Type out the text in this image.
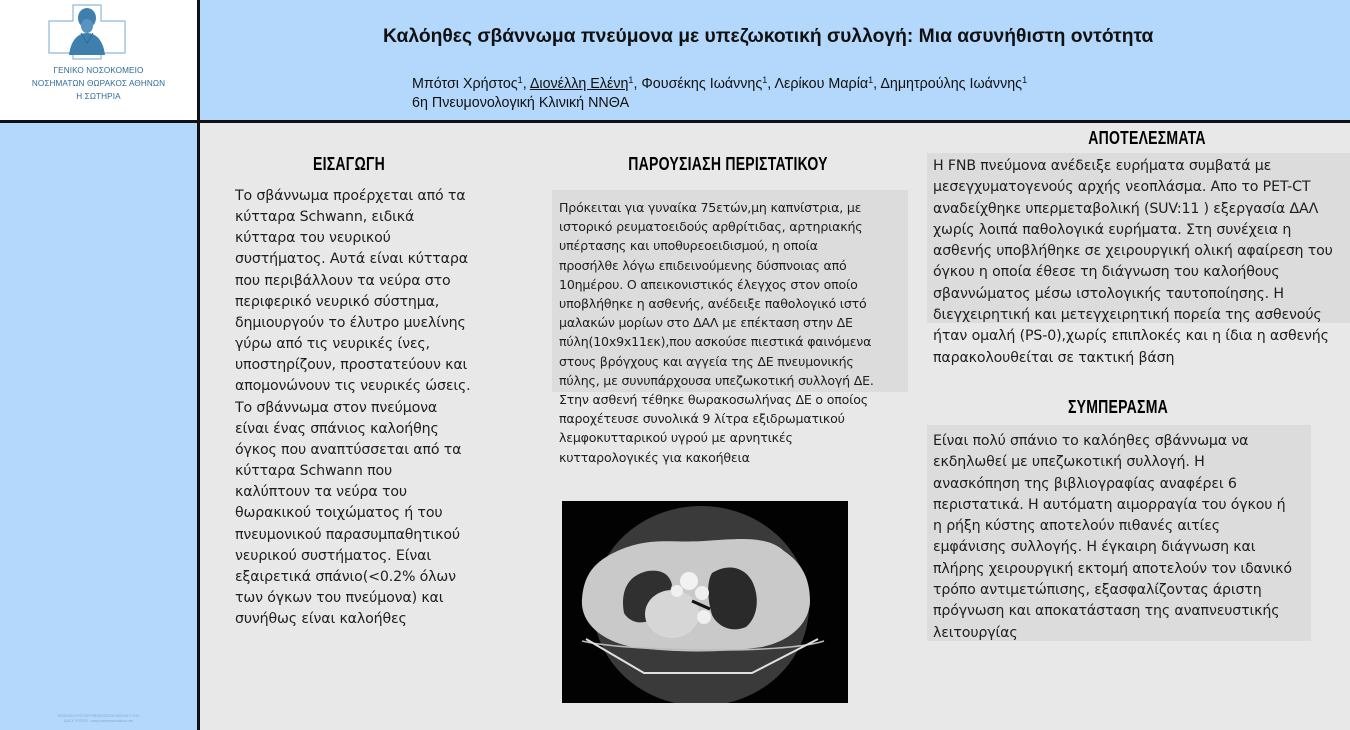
ΓΕΝΙΚΟ ΝΟΣΟΚΟΜΕΙΟ
ΝΟΣΗΜΑΤΩΝ ΘΩΡΑΚΟΣ ΑΘΗΝΩΝ
Η ΣΩΤΗΡΙΑ
Καλόηθες σβάννωμα πνεύμονα με υπεζωκοτική συλλογή: Μια ασυνήθιστη οντότητα
Μπότσι Χρήστος$^1$, Διονέλλη Ελένη$^1$, Φουσέκης Ιωάννης$^1$, Λερίκου Μαρία$^1$, Δημητρούλης Ιωάννης$^1$
6η Πνευμονολογική Κλινική ΝΝΘΑ
RESEARCH POSTER PRESENTATION DESIGN © 2019
QUICK POSTER · www.posterpresentations.com
ΕΙΣΑΓΩΓΗ
Το σβάννωμα προέρχεται από τα
κύτταρα Schwann, ειδικά
κύτταρα του νευρικού
συστήματος. Αυτά είναι κύτταρα
που περιβάλλουν τα νεύρα στο
περιφερικό νευρικό σύστημα,
δημιουργούν το έλυτρο μυελίνης
γύρω από τις νευρικές ίνες,
υποστηρίζουν, προστατεύουν και
απομονώνουν τις νευρικές ώσεις.
Το σβάννωμα στον πνεύμονα
είναι ένας σπάνιος καλοήθης
όγκος που αναπτύσσεται από τα
κύτταρα Schwann που
καλύπτουν τα νεύρα του
θωρακικού τοιχώματος ή του
πνευμονικού παρασυμπαθητικού
νευρικού συστήματος. Είναι
εξαιρετικά σπάνιο(<0.2% όλων
των όγκων του πνεύμονα) και
συνήθως είναι καλοήθες
ΠΑΡΟΥΣΙΑΣΗ ΠΕΡΙΣΤΑΤΙΚΟΥ
Πρόκειται για γυναίκα 75ετών,μη καπνίστρια, με
ιστορικό ρευματοειδούς αρθρίτιδας, αρτηριακής
υπέρτασης και υποθυρεοειδισμού, η οποία
προσήλθε λόγω επιδεινούμενης δύσπνοιας από
10ημέρου. Ο απεικονιστικός έλεγχος στον οποίο
υποβλήθηκε η ασθενής, ανέδειξε παθολογικό ιστό
μαλακών μορίων στο ΔΑΛ με επέκταση στην ΔΕ
πύλη(10x9x11εκ),που ασκούσε πιεστικά φαινόμενα
στους βρόγχους και αγγεία της ΔΕ πνευμονικής
πύλης, με συνυπάρχουσα υπεζωκοτική συλλογή ΔΕ.
Στην ασθενή τέθηκε θωρακοσωλήνας ΔΕ ο οποίος
παροχέτευσε συνολικά 9 λίτρα εξιδρωματικού
λεμφοκυτταρικού υγρού με αρνητικές
κυτταρολογικές για κακοήθεια
ΑΠΟΤΕΛΕΣΜΑΤΑ
Η FNB πνεύμονα ανέδειξε ευρήματα συμβατά με
μεσεγχυματογενούς αρχής νεοπλάσμα. Απο το PET-CT
αναδείχθηκε υπερμεταβολική (SUV:11 ) εξεργασία ΔΑΛ
χωρίς λοιπά παθολογικά ευρήματα. Στη συνέχεια η
ασθενής υποβλήθηκε σε χειρουργική ολική αφαίρεση του
όγκου η οποία έθεσε τη διάγνωση του καλοήθους
σβαννώματος μέσω ιστολογικής ταυτοποίησης. Η
διεγχειρητική και μετεγχειρητική πορεία της ασθενούς
ήταν ομαλή (PS-0),χωρίς επιπλοκές και η ίδια η ασθενής
παρακολουθείται σε τακτική βάση
ΣΥΜΠΕΡΑΣΜΑ
Είναι πολύ σπάνιο το καλόηθες σβάννωμα να
εκδηλωθεί με υπεζωκοτική συλλογή. Η
ανασκόπηση της βιβλιογραφίας αναφέρει 6
περιστατικά. Η αυτόματη αιμορραγία του όγκου ή
η ρήξη κύστης αποτελούν πιθανές αιτίες
εμφάνισης συλλογής. Η έγκαιρη διάγνωση και
πλήρης χειρουργική εκτομή αποτελούν τον ιδανικό
τρόπο αντιμετώπισης, εξασφαλίζοντας άριστη
πρόγνωση και αποκατάσταση της αναπνευστικής
λειτουργίας
